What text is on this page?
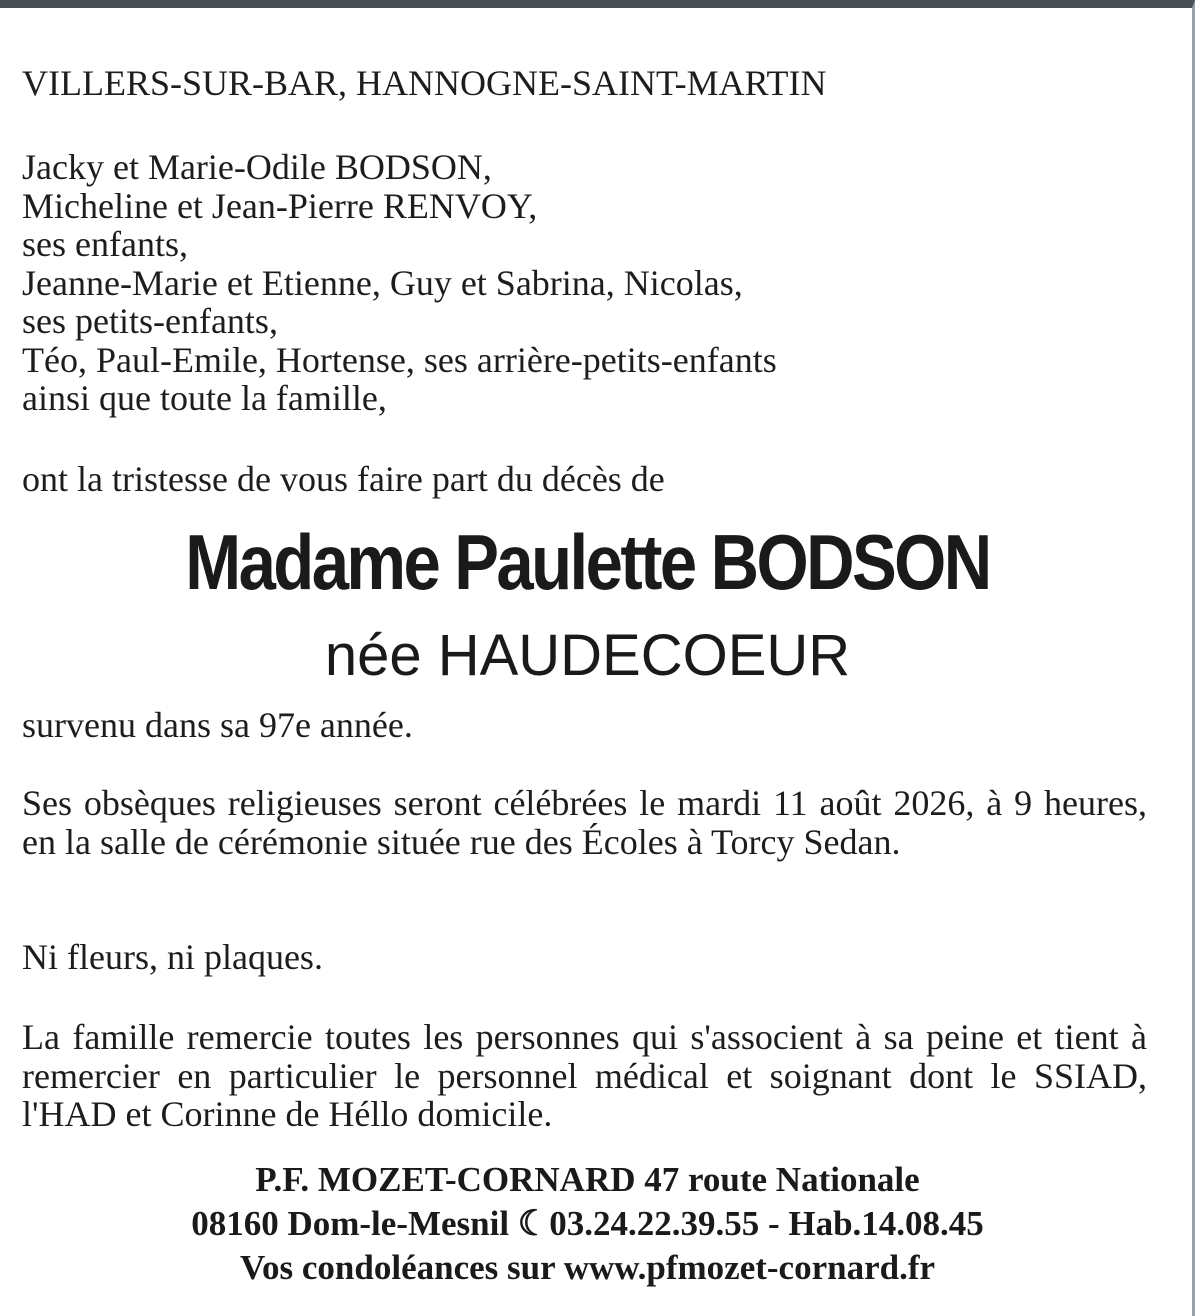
VILLERS-SUR-BAR, HANNOGNE-SAINT-MARTIN
Jacky et Marie-Odile BODSON,
Micheline et Jean-Pierre RENVOY,
ses enfants,
Jeanne-Marie et Etienne, Guy et Sabrina, Nicolas,
ses petits-enfants,
Téo, Paul-Emile, Hortense, ses arrière-petits-enfants
ainsi que toute la famille,
ont la tristesse de vous faire part du décès de
Madame Paulette BODSON
née HAUDECOEUR
survenu dans sa 97e année.
Ses obsèques religieuses seront célébrées le mardi 11 août 2026, à 9 heures, en la salle de cérémonie située rue des Écoles à Torcy Sedan.
Ni fleurs, ni plaques.
La famille remercie toutes les personnes qui s'associent à sa peine et tient à remercier en particulier le personnel médical et soignant dont le SSIAD, l'HAD et Corinne de Héllo domicile.
P.F. MOZET-CORNARD 47 route Nationale
08160 Dom-le-Mesnil ☾03.24.22.39.55 - Hab.14.08.45
Vos condoléances sur www.pfmozet-cornard.fr
